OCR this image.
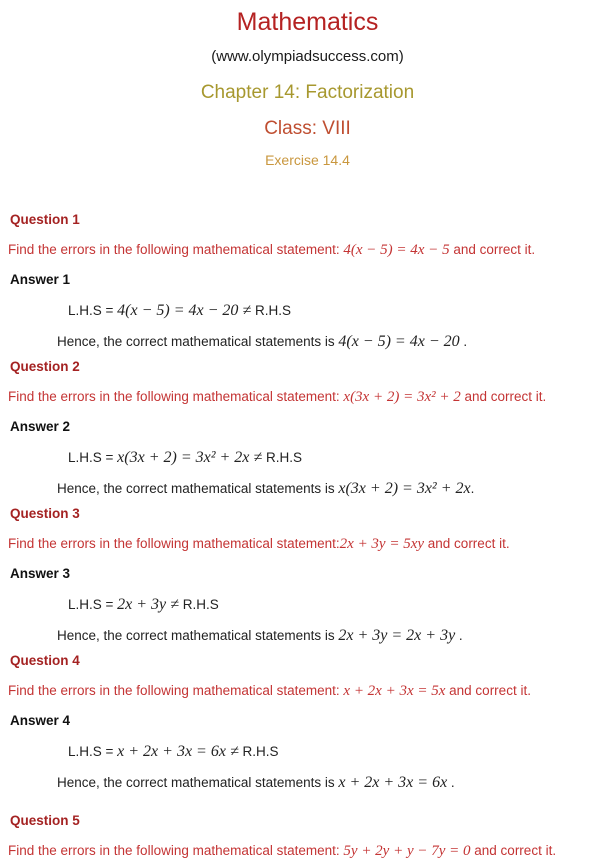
Mathematics
(www.olympiadsuccess.com)
Chapter 14: Factorization
Class: VIII
Exercise 14.4
Question 1
Find the errors in the following mathematical statement: 4(x − 5) = 4x − 5 and correct it.
Answer 1
L.H.S = 4(x − 5) = 4x − 20 ≠ R.H.S
Hence, the correct mathematical statements is 4(x − 5) = 4x − 20 .
Question 2
Find the errors in the following mathematical statement: x(3x + 2) = 3x² + 2 and correct it.
Answer 2
L.H.S = x(3x + 2) = 3x² + 2x ≠ R.H.S
Hence, the correct mathematical statements is x(3x + 2) = 3x² + 2x.
Question 3
Find the errors in the following mathematical statement:2x + 3y = 5xy and correct it.
Answer 3
L.H.S = 2x + 3y ≠ R.H.S
Hence, the correct mathematical statements is 2x + 3y = 2x + 3y .
Question 4
Find the errors in the following mathematical statement: x + 2x + 3x = 5x and correct it.
Answer 4
L.H.S = x + 2x + 3x = 6x ≠ R.H.S
Hence, the correct mathematical statements is x + 2x + 3x = 6x .
Question 5
Find the errors in the following mathematical statement: 5y + 2y + y − 7y = 0 and correct it.
